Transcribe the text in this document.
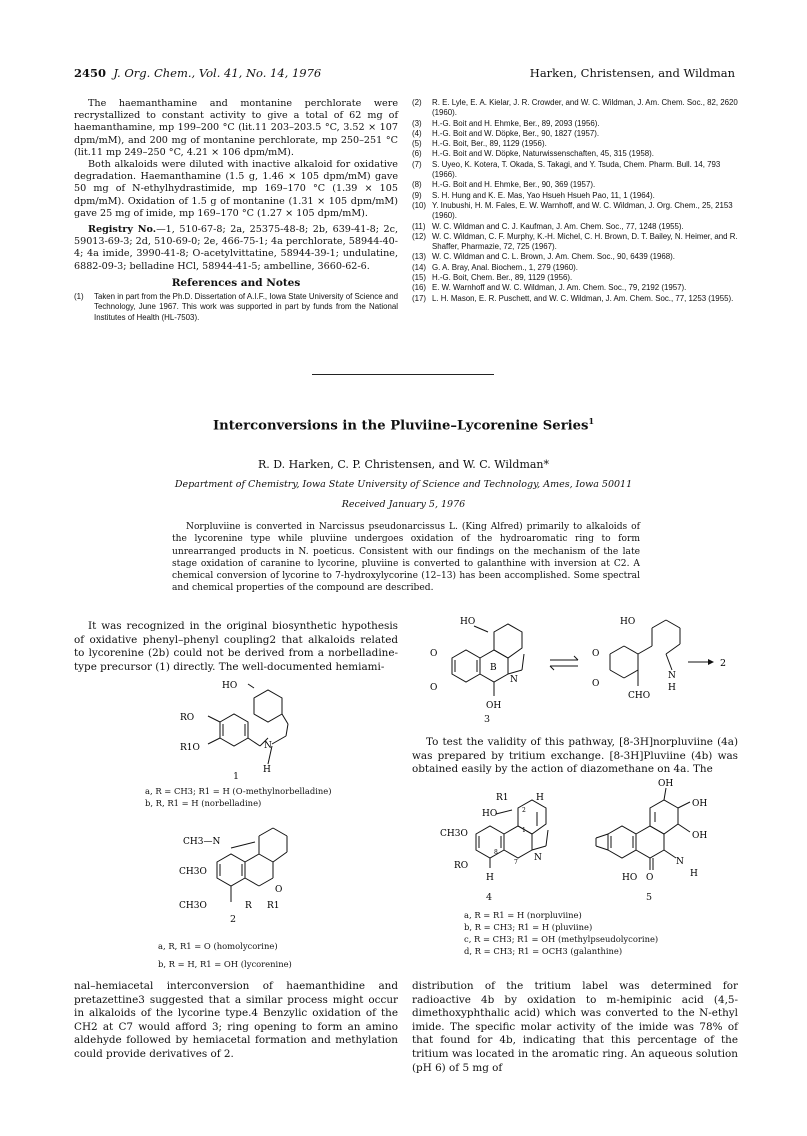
2450 J. Org. Chem., Vol. 41, No. 14, 1976	Harken, Christensen, and Wildman

The haemanthamine and montanine perchlorate were recrystallized to constant activity to give a total of 62 mg of haemanthamine, mp 199–200 °C (lit.11 203–203.5 °C, 3.52 × 107 dpm/mM), and 200 mg of montanine perchlorate, mp 250–251 °C (lit.11 mp 249–250 °C, 4.21 × 106 dpm/mM).

Both alkaloids were diluted with inactive alkaloid for oxidative degradation. Haemanthamine (1.5 g, 1.46 × 105 dpm/mM) gave 50 mg of N-ethylhydrastimide, mp 169–170 °C (1.39 × 105 dpm/mM). Oxidation of 1.5 g of montanine (1.31 × 105 dpm/mM) gave 25 mg of imide, mp 169–170 °C (1.27 × 105 dpm/mM).

Registry No.—1, 510-67-8; 2a, 25375-48-8; 2b, 639-41-8; 2c, 59013-69-3; 2d, 510-69-0; 2e, 466-75-1; 4a perchlorate, 58944-40-4; 4a imide, 3990-41-8; O-acetylvittatine, 58944-39-1; undulatine, 6882-09-3; belladine HCl, 58944-41-5; ambelline, 3660-62-6.

References and Notes
(1) Taken in part from the Ph.D. Dissertation of A.I.F., Iowa State University of Science and Technology, June 1967. This work was supported in part by funds from the National Institutes of Health (HL-7503).
(2) R. E. Lyle, E. A. Kielar, J. R. Crowder, and W. C. Wildman, J. Am. Chem. Soc., 82, 2620 (1960).
(3) H.-G. Boit and H. Ehmke, Ber., 89, 2093 (1956).
(4) H.-G. Boit and W. Döpke, Ber., 90, 1827 (1957).
(5) H.-G. Boit, Ber., 89, 1129 (1956).
(6) H.-G. Boit and W. Döpke, Naturwissenschaften, 45, 315 (1958).
(7) S. Uyeo, K. Kotera, T. Okada, S. Takagi, and Y. Tsuda, Chem. Pharm. Bull. 14, 793 (1966).
(8) H.-G. Boit and H. Ehmke, Ber., 90, 369 (1957).
(9) S. H. Hung and K. E. Mas, Yao Hsueh Hsueh Pao, 11, 1 (1964).
(10) Y. Inubushi, H. M. Fales, E. W. Warnhoff, and W. C. Wildman, J. Org. Chem., 25, 2153 (1960).
(11) W. C. Wildman and C. J. Kaufman, J. Am. Chem. Soc., 77, 1248 (1955).
(12) W. C. Wildman, C. F. Murphy, K.-H. Michel, C. H. Brown, D. T. Bailey, N. Heimer, and R. Shaffer, Pharmazie, 72, 725 (1967).
(13) W. C. Wildman and C. L. Brown, J. Am. Chem. Soc., 90, 6439 (1968).
(14) G. A. Bray, Anal. Biochem., 1, 279 (1960).
(15) H.-G. Boit, Chem. Ber., 89, 1129 (1956).
(16) E. W. Warnhoff and W. C. Wildman, J. Am. Chem. Soc., 79, 2192 (1957).
(17) L. H. Mason, E. R. Puschett, and W. C. Wildman, J. Am. Chem. Soc., 77, 1253 (1955).
Interconversions in the Pluviine–Lycorenine Series$^1$
R. D. Harken, C. P. Christensen, and W. C. Wildman*
Department of Chemistry, Iowa State University of Science and Technology, Ames, Iowa 50011
Received January 5, 1976
Norpluviine is converted in Narcissus pseudonarcissus L. (King Alfred) primarily to alkaloids of the lycorenine type while pluviine undergoes oxidation of the hydroaromatic ring to form unrearranged products in N. poeticus. Consistent with our findings on the mechanism of the late stage oxidation of caranine to lycorine, pluviine is converted to galanthine with inversion at C2. A chemical conversion of lycorine to 7-hydroxylycorine (12–13) has been accomplished. Some spectral and chemical properties of the compound are described.

It was recognized in the original biosynthetic hypothesis of oxidative phenyl–phenyl coupling2 that alkaloids related to lycorenine (2b) could not be derived from a norbelladine-type precursor (1) directly. The well-documented hemiami-

nal–hemiacetal interconversion of haemanthidine and pretazettine3 suggested that a similar process might occur in alkaloids of the lycorine type.4 Benzylic oxidation of the CH2 at C7 would afford 3; ring opening to form an amino aldehyde followed by hemiacetal formation and methylation could provide derivatives of 2.

To test the validity of this pathway, [8-3H]norpluviine (4a) was prepared by tritium exchange. [8-3H]Pluviine (4b) was obtained easily by the action of diazomethane on 4a. The

distribution of the tritium label was determined for radioactive 4b by oxidation to m-hemipinic acid (4,5-dimethoxyphthalic acid) which was converted to the N-ethyl imide. The specific molar activity of the imide was 78% of that found for 4b, indicating that this percentage of the tritium was located in the aromatic ring. An aqueous solution (pH 6) of 5 mg of

HO
RO
R1O	N
H
1
a, R = CH3; R1 = H (O-methylnorbelladine)
b, R, R1 = H (norbelladine)
CH3O
CH3O
CH3—N
O
R R1
2
a, R, R1 = O (homolycorine)
b, R = H, R1 = OH (lycorenine)
HO	HO
O
O
B
N
OH
O
O
N
H
CHO
2
3
R1	H
HO
CH3O
RO
N
H
8
7
1
2
4
OH
OH
OH
N
H
HO O
5
a, R = R1 = H (norpluviine)
b, R = CH3; R1 = H (pluviine)
c, R = CH3; R1 = OH (methylpseudolycorine)
d, R = CH3; R1 = OCH3 (galanthine)
